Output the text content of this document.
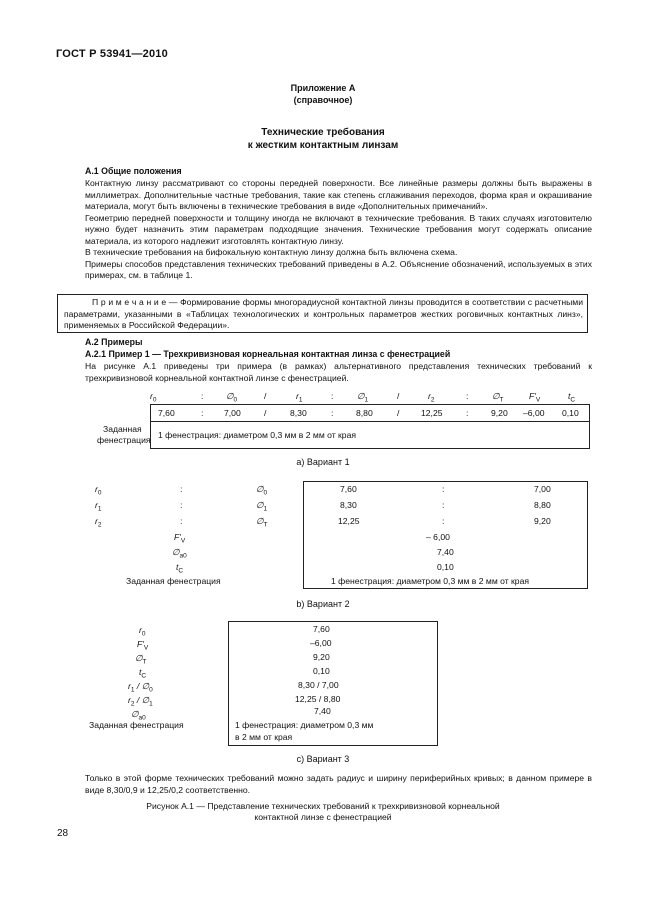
ГОСТ Р 53941—2010
Приложение А
(справочное)
Технические требования
к жестким контактным линзам
А.1 Общие положения

Контактную линзу рассматривают со стороны передней поверхности. Все линейные размеры должны быть выражены в миллиметрах. Дополнительные частные требования, такие как степень сглаживания переходов, форма края и окрашивание материала, могут быть включены в технические требования в виде «Дополнительных примечаний».

Геометрию передней поверхности и толщину иногда не включают в технические требования. В таких случаях изготовителю нужно будет назначить этим параметрам подходящие значения. Технические требования могут содержать описание материала, из которого надлежит изготовлять контактную линзу.

В технические требования на бифокальную контактную линзу должна быть включена схема.

Примеры способов представления технических требований приведены в А.2. Объяснение обозначений, используемых в этих примерах, см. в таблице 1.

П р и м е ч а н и е — Формирование формы многорадиусной контактной линзы проводится в соответствии с расчетными параметрами, указанными в «Таблицах технологических и контрольных параметров жестких роговичных контактных линз», применяемых в Российской Федерации».
А.2 Примеры
А.2.1 Пример 1 — Трехкривизновая корнеальная контактная линза с фенестрацией

На рисунке А.1 приведены три примера (в рамках) альтернативного представления технических требований к трехкривизновой корнеальной контактной линзе с фенестрацией.

$r_0$	:	$\emptyset_0$	/	$r_1$	:	$\emptyset_1$	/	$r_2$	:	$\emptyset_T$	$F'_V$	$t_C$
7,60	: 7,00	/	8,30	:	8,80	/	12,25	:	9,20 –6,00 0,10
Заданная
фенестрация 1 фенестрация: диаметром 0,3 мм в 2 мм от края
а) Вариант 1
$r_0$	:	$\emptyset_0$	7,60	:	7,00
$r_1$	:	$\emptyset_1$	8,30	:	8,80
$r_2$	:	$\emptyset_T$	12,25	:	9,20
$F'_V$	– 6,00
$\emptyset_{a0}$	7,40
$t_C$	0,10
Заданная фенестрация	1 фенестрация: диаметром 0,3 мм в 2 мм от края
b) Вариант 2
$r_0$
7,60
$F'_V$
–6,00
$\emptyset_T$
9,20
$t_C$
0,10
$r_1$ / $\emptyset_0$
8,30 / 7,00
$r_2$ / $\emptyset_1$
12,25 / 8,80
$\emptyset_{a0}$
7,40
Заданная фенестрация	1 фенестрация: диаметром 0,3 мм
в 2 мм от края
c) Вариант 3

Только в этой форме технических требований можно задать радиус и ширину периферийных кривых; в данном примере в виде 8,30/0,9 и 12,25/0,2 соответственно.

Рисунок А.1 — Представление технических требований к трехкривизновой корнеальной
контактной линзе с фенестрацией
28
